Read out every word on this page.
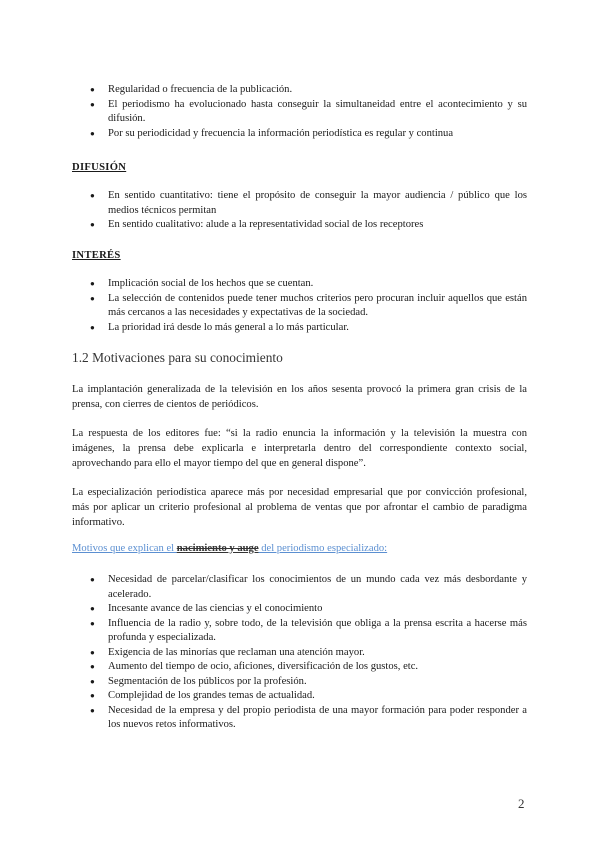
● Regularidad o frecuencia de la publicación.
● El periodismo ha evolucionado hasta conseguir la simultaneidad entre el acontecimiento y su difusión.
● Por su periodicidad y frecuencia la información periodística es regular y continua
DIFUSIÓN
● En sentido cuantitativo: tiene el propósito de conseguir la mayor audiencia / público que los medios técnicos permitan
● En sentido cualitativo: alude a la representatividad social de los receptores
INTERÉS
● Implicación social de los hechos que se cuentan.
● La selección de contenidos puede tener muchos criterios pero procuran incluir aquellos que están más cercanos a las necesidades y expectativas de la sociedad.
● La prioridad irá desde lo más general a lo más particular.
1.2 Motivaciones para su conocimiento

La implantación generalizada de la televisión en los años sesenta provocó la primera gran crisis de la prensa, con cierres de cientos de periódicos.

La respuesta de los editores fue: “si la radio enuncia la información y la televisión la muestra con imágenes, la prensa debe explicarla e interpretarla dentro del correspondiente contexto social, aprovechando para ello el mayor tiempo del que en general dispone”.

La especialización periodística aparece más por necesidad empresarial que por convicción profesional, más por aplicar un criterio profesional al problema de ventas que por afrontar el cambio de paradigma informativo.

Motivos que explican el nacimiento y auge del periodismo especializado:
● Necesidad de parcelar/clasificar los conocimientos de un mundo cada vez más desbordante y acelerado.
● Incesante avance de las ciencias y el conocimiento
● Influencia de la radio y, sobre todo, de la televisión que obliga a la prensa escrita a hacerse más profunda y especializada.
● Exigencia de las minorías que reclaman una atención mayor.
● Aumento del tiempo de ocio, aficiones, diversificación de los gustos, etc.
● Segmentación de los públicos por la profesión.
● Complejidad de los grandes temas de actualidad.
● Necesidad de la empresa y del propio periodista de una mayor formación para poder responder a los nuevos retos informativos.
2
